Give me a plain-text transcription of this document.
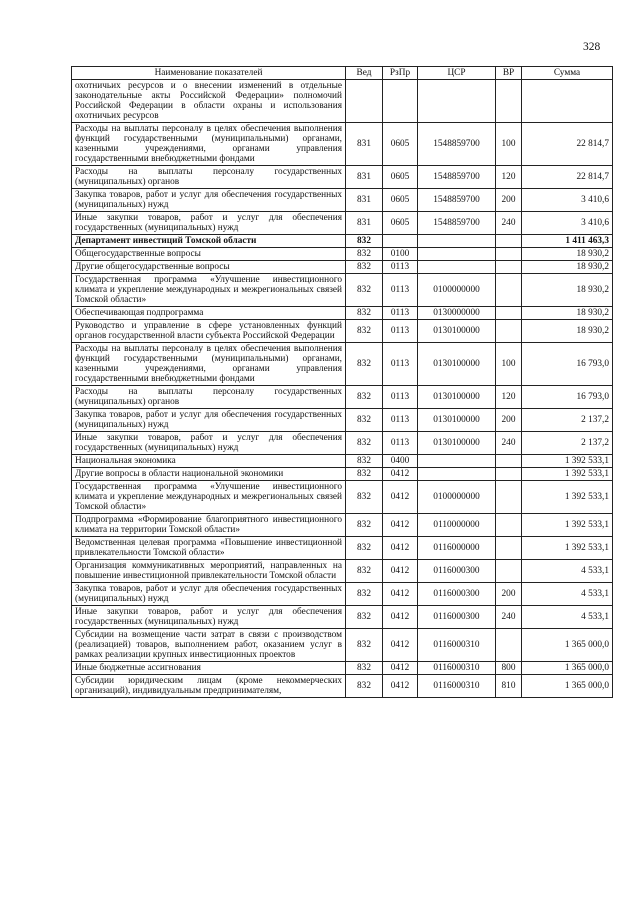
328
Наименование показателей	Вед	РзПр	ЦСР	ВР	Сумма
охотничьих ресурсов и о внесении изменений в отдельные законодательные акты Российской Федерации» полномочий Российской Федерации в области охраны и использования охотничьих ресурсов					
Расходы на выплаты персоналу в целях обеспечения выполнения функций государственными (муниципальными) органами, казенными учреждениями, органами управления государственными внебюджетными фондами	831	0605	1548859700	100	22 814,7
Расходы на выплаты персоналу государственных (муниципальных) органов	831	0605	1548859700	120	22 814,7
Закупка товаров, работ и услуг для обеспечения государственных (муниципальных) нужд	831	0605	1548859700	200	3 410,6
Иные закупки товаров, работ и услуг для обеспечения государственных (муниципальных) нужд	831	0605	1548859700	240	3 410,6
Департамент инвестиций Томской области	832				1 411 463,3
Общегосударственные вопросы	832	0100			18 930,2
Другие общегосударственные вопросы	832	0113			18 930,2
Государственная программа «Улучшение инвестиционного климата и укрепление международных и межрегиональных связей Томской области»	832	0113	0100000000		18 930,2
Обеспечивающая подпрограмма	832	0113	0130000000		18 930,2
Руководство и управление в сфере установленных функций органов государственной власти субъекта Российской Федерации	832	0113	0130100000		18 930,2
Расходы на выплаты персоналу в целях обеспечения выполнения функций государственными (муниципальными) органами, казенными учреждениями, органами управления государственными внебюджетными фондами	832	0113	0130100000	100	16 793,0
Расходы на выплаты персоналу государственных (муниципальных) органов	832	0113	0130100000	120	16 793,0
Закупка товаров, работ и услуг для обеспечения государственных (муниципальных) нужд	832	0113	0130100000	200	2 137,2
Иные закупки товаров, работ и услуг для обеспечения государственных (муниципальных) нужд	832	0113	0130100000	240	2 137,2
Национальная экономика	832	0400			1 392 533,1
Другие вопросы в области национальной экономики	832	0412			1 392 533,1
Государственная программа «Улучшение инвестиционного климата и укрепление международных и межрегиональных связей Томской области»	832	0412	0100000000		1 392 533,1
Подпрограмма «Формирование благоприятного инвестиционного климата на территории Томской области»	832	0412	0110000000		1 392 533,1
Ведомственная целевая программа «Повышение инвестиционной привлекательности Томской области»	832	0412	0116000000		1 392 533,1
Организация коммуникативных мероприятий, направленных на повышение инвестиционной привлекательности Томской области	832	0412	0116000300		4 533,1
Закупка товаров, работ и услуг для обеспечения государственных (муниципальных) нужд	832	0412	0116000300	200	4 533,1
Иные закупки товаров, работ и услуг для обеспечения государственных (муниципальных) нужд	832	0412	0116000300	240	4 533,1
Субсидии на возмещение части затрат в связи с производством (реализацией) товаров, выполнением работ, оказанием услуг в рамках реализации крупных инвестиционных проектов	832	0412	0116000310		1 365 000,0
Иные бюджетные ассигнования	832	0412	0116000310	800	1 365 000,0
Субсидии юридическим лицам (кроме некоммерческих организаций), индивидуальным предпринимателям,	832	0412	0116000310	810	1 365 000,0
